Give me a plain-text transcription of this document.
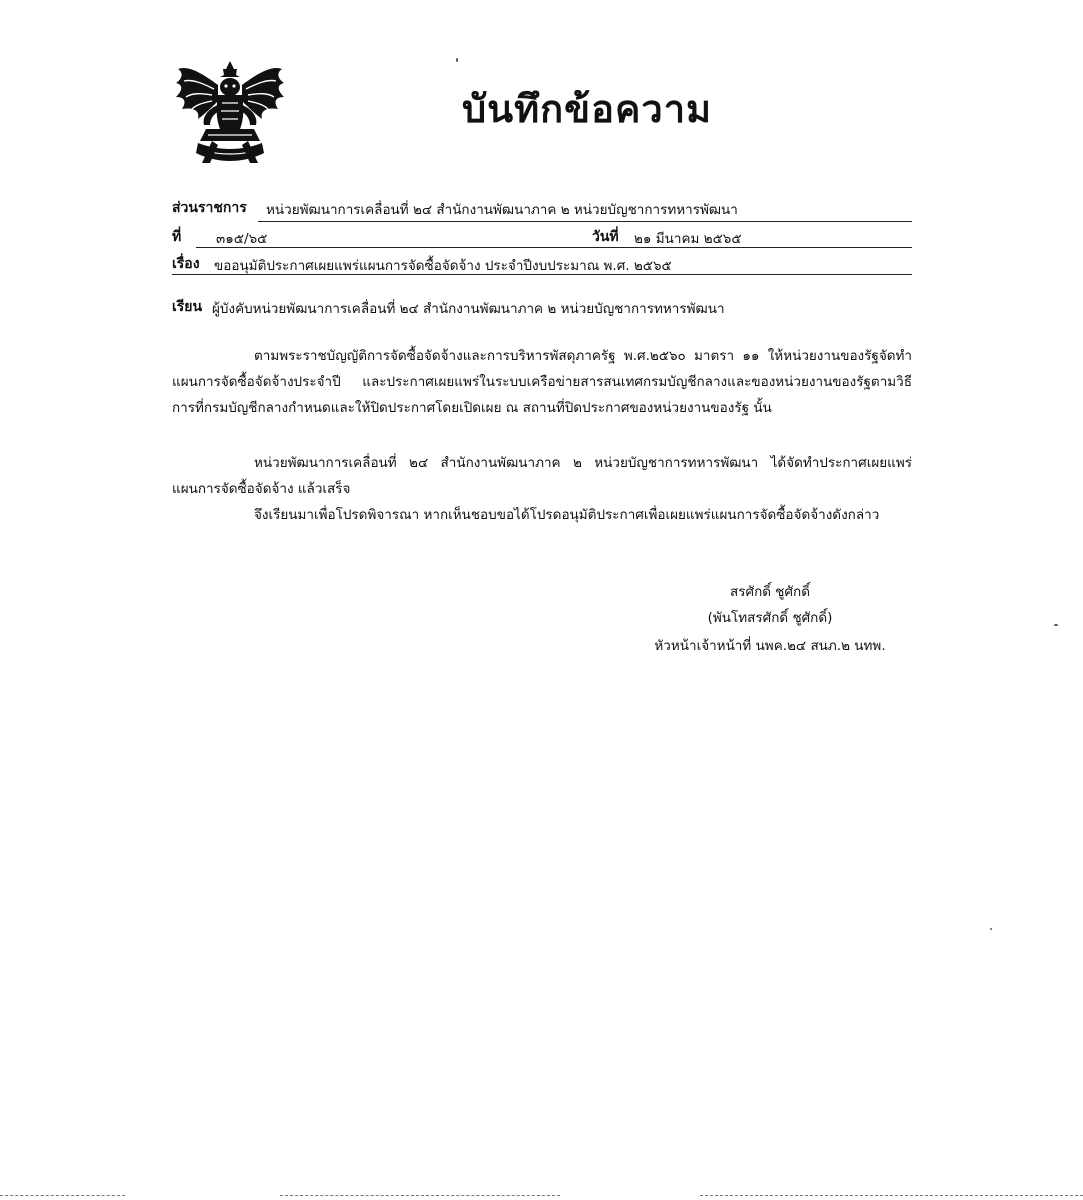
บันทึกข้อความ
ส่วนราชการ หน่วยพัฒนาการเคลื่อนที่ ๒๔ สำนักงานพัฒนาภาค ๒ หน่วยบัญชาการทหารพัฒนา
ที่	๓๑๕/๖๕	วันที่ ๒๑ มีนาคม ๒๕๖๕
เรื่อง ขออนุมัติประกาศเผยแพร่แผนการจัดซื้อจัดจ้าง ประจำปีงบประมาณ พ.ศ. ๒๕๖๕
เรียน ผู้บังคับหน่วยพัฒนาการเคลื่อนที่ ๒๔ สำนักงานพัฒนาภาค ๒ หน่วยบัญชาการทหารพัฒนา
ตามพระราชบัญญัติการจัดซื้อจัดจ้างและการบริหารพัสดุภาครัฐ พ.ศ.๒๕๖๐ มาตรา ๑๑ ให้หน่วยงานของรัฐจัดทำแผนการจัดซื้อจัดจ้างประจำปี และประกาศเผยแพร่ในระบบเครือข่ายสารสนเทศกรมบัญชีกลางและของหน่วยงานของรัฐตามวิธีการที่กรมบัญชีกลางกำหนดและให้ปิดประกาศโดยเปิดเผย ณ สถานที่ปิดประกาศของหน่วยงานของรัฐ นั้น
หน่วยพัฒนาการเคลื่อนที่ ๒๔ สำนักงานพัฒนาภาค ๒ หน่วยบัญชาการทหารพัฒนา ได้จัดทำประกาศเผยแพร่แผนการจัดซื้อจัดจ้าง แล้วเสร็จ
จึงเรียนมาเพื่อโปรดพิจารณา หากเห็นชอบขอได้โปรดอนุมัติประกาศเพื่อเผยแพร่แผนการจัดซื้อจัดจ้างดังกล่าว
สรศักดิ์ ชูศักดิ์
(พันโทสรศักดิ์ ชูศักดิ์)
หัวหน้าเจ้าหน้าที่ นพค.๒๔ สนภ.๒ นทพ.
